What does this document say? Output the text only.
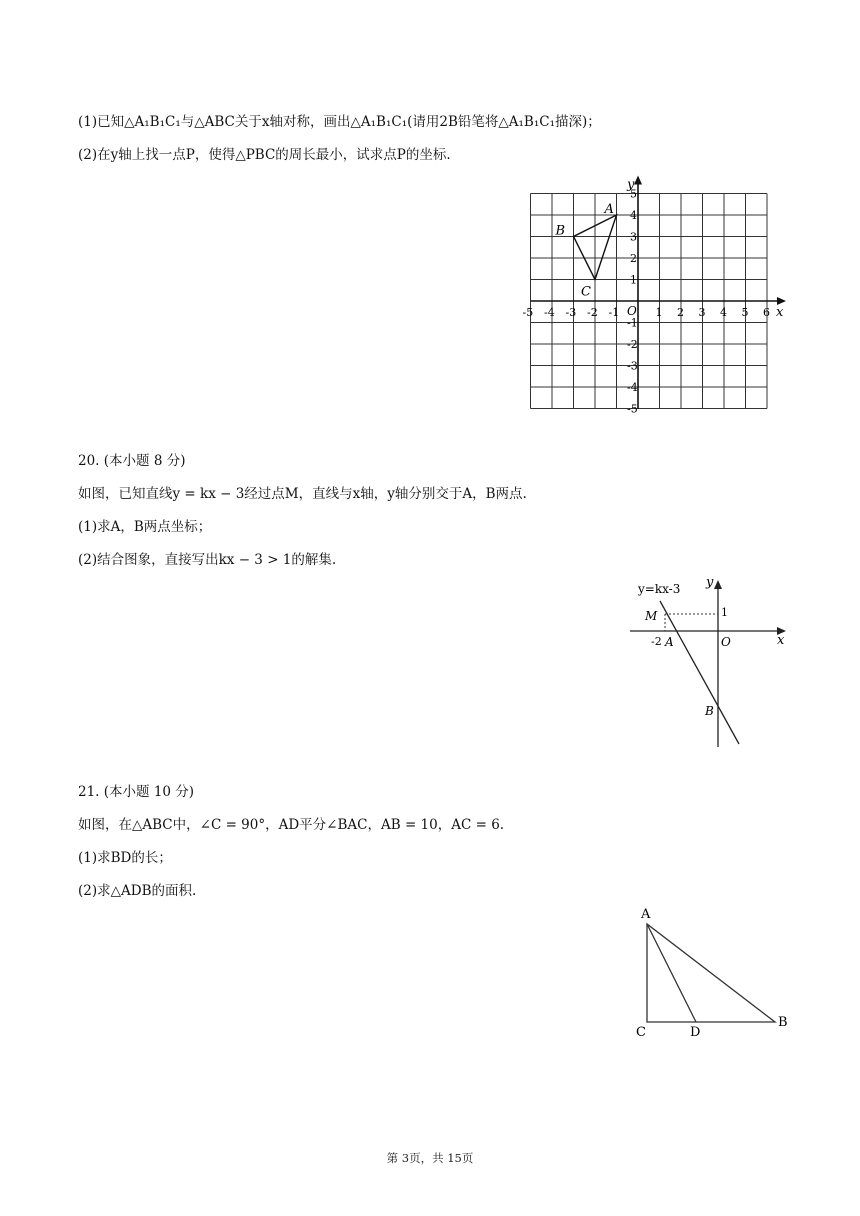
(1)已知△A₁B₁C₁与△ABC关于x轴对称，画出△A₁B₁C₁(请用2B铅笔将△A₁B₁C₁描深)；
(2)在y轴上找一点P，使得△PBC的周长最小，试求点P的坐标.
x
y
O
-5 -4 -3 -2 -1	1 2 3 4 5 6
5
4
3
2
1
-1
-2
-3
-4
-5
A
B
C
20. (本小题 8 分)
如图，已知直线y = kx − 3经过点M，直线与x轴，y轴分别交于A，B两点.
(1)求A，B两点坐标；
(2)结合图象，直接写出kx − 3 > 1的解集.
y=kx-3 y
x
M	1
-2 A	O
B
21. (本小题 10 分)
如图，在△ABC中，∠C = 90°，AD平分∠BAC，AB = 10，AC = 6.
(1)求BD的长；
(2)求△ADB的面积.
A
C	D
B
第 3页，共 15页
